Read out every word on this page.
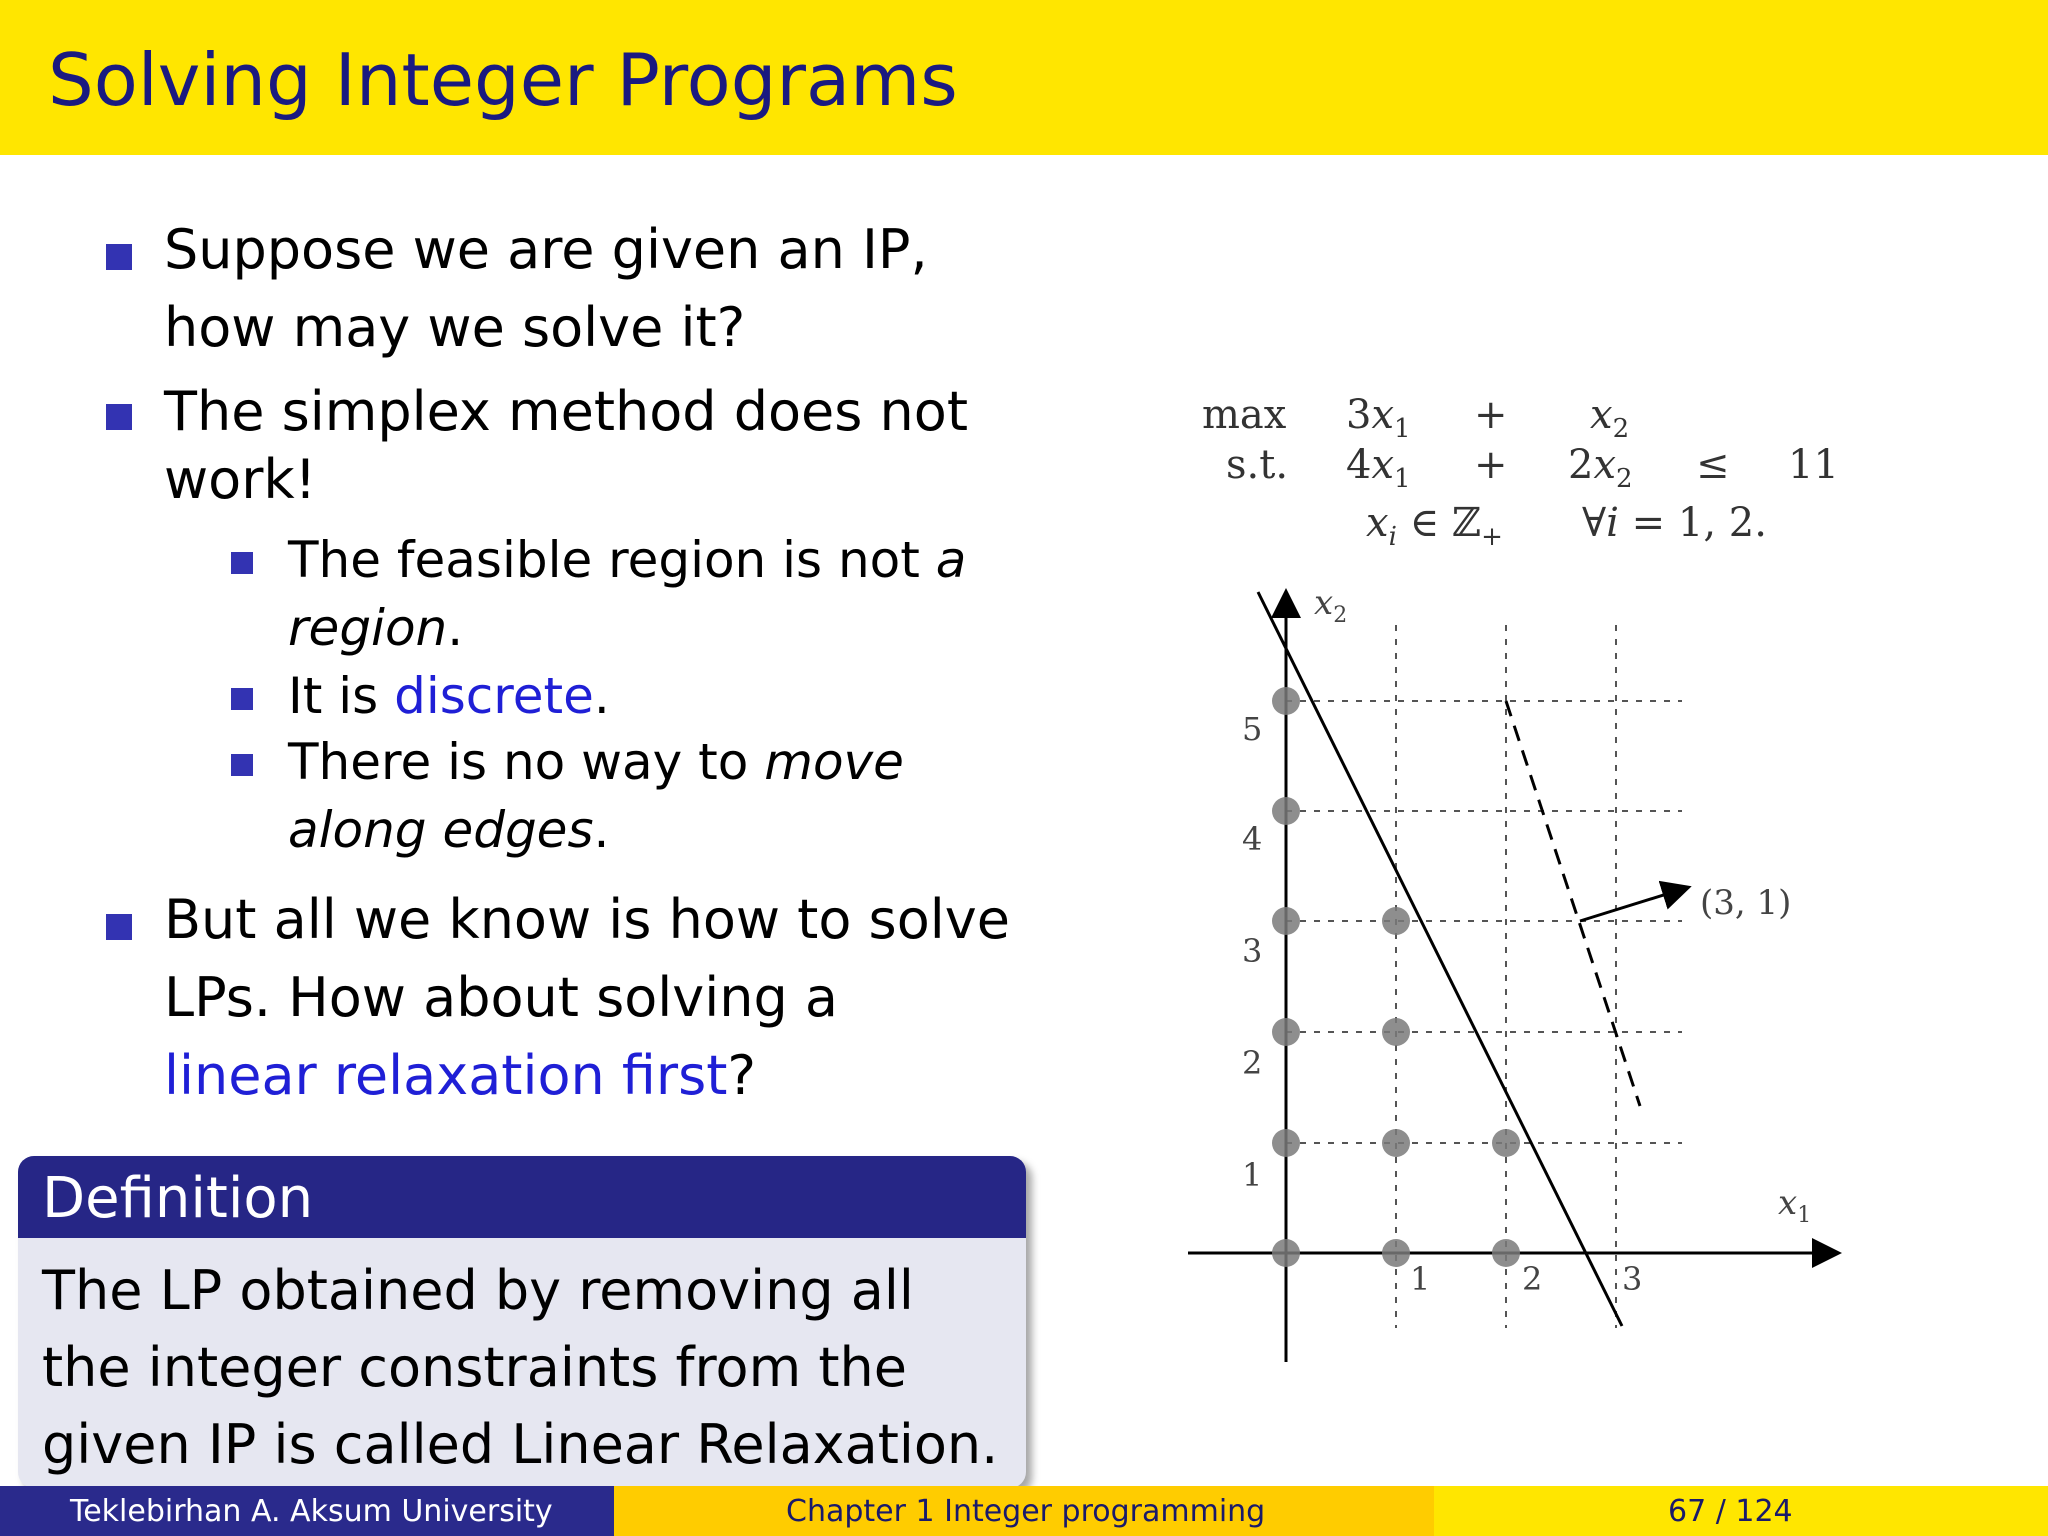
Solving Integer Programs
Suppose we are given an IP,
how may we solve it?
The simplex method does not
work!
The feasible region is not a
region.
It is discrete.
There is no way to move
along edges.
But all we know is how to solve
LPs. How about solving a
linear relaxation first?
Definition
The LP obtained by removing all
the integer constraints from the
given IP is called Linear Relaxation.
$\max 3x_1 + x_2$
s.t. $4x_1 + 2x_2 \le 11$
$x_i$ ∈ ℤ$_+$ ∀i = 1, 2.
$x_1$
$x_2$
1	2 3
1
2
3
4
5
(3, 1)
Teklebirhan A. Aksum University	Chapter 1 Integer programming	67 / 124
